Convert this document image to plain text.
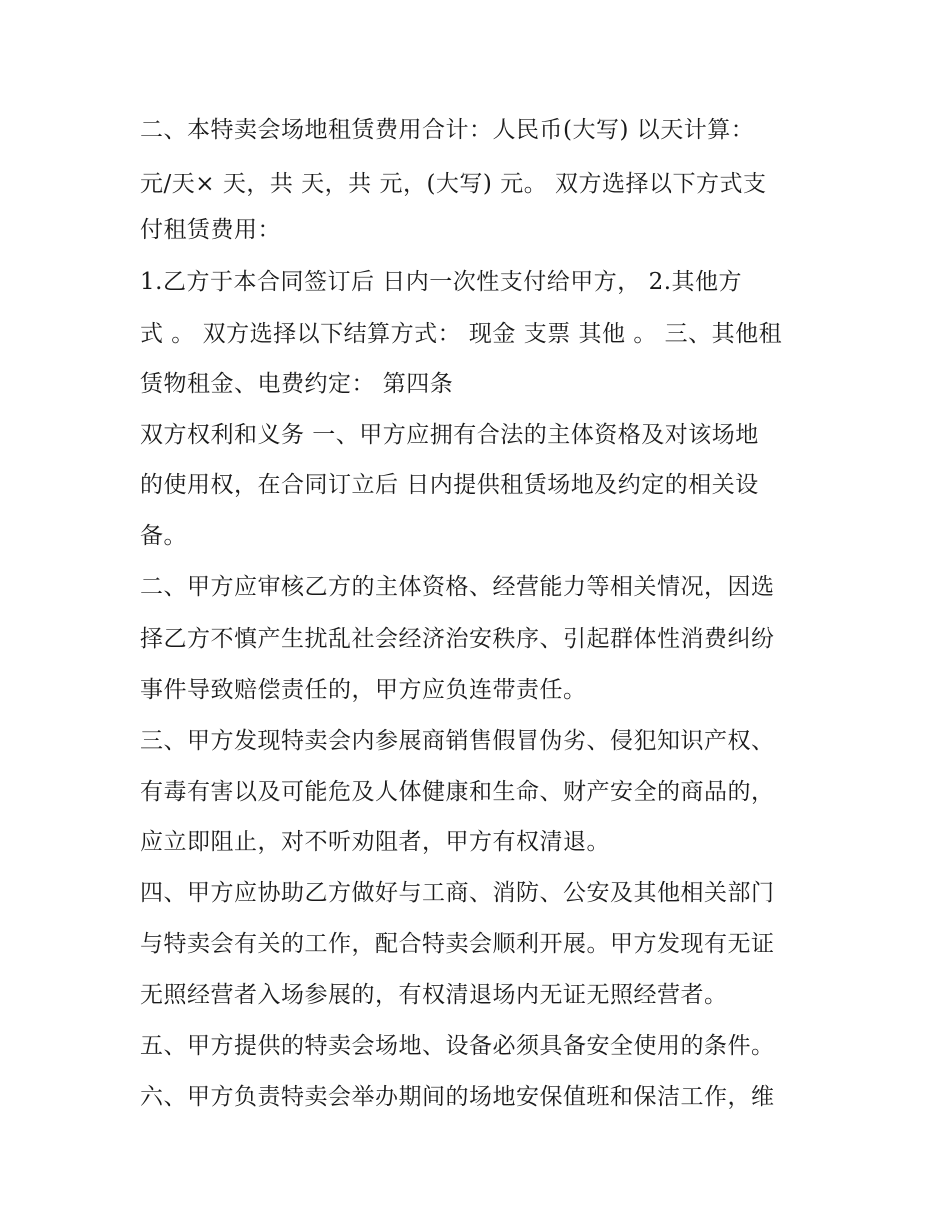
二、本特卖会场地租赁费用合计：人民币(大写) 以天计算：
元/天× 天，共 天，共 元，(大写) 元。 双方选择以下方式支
付租赁费用：
1.乙方于本合同签订后 日内一次性支付给甲方， 2.其他方
式 。 双方选择以下结算方式： 现金 支票 其他 。 三、其他租
赁物租金、电费约定： 第四条
双方权利和义务 一、甲方应拥有合法的主体资格及对该场地
的使用权，在合同订立后 日内提供租赁场地及约定的相关设
备。
二、甲方应审核乙方的主体资格、经营能力等相关情况，因选
择乙方不慎产生扰乱社会经济治安秩序、引起群体性消费纠纷
事件导致赔偿责任的，甲方应负连带责任。
三、甲方发现特卖会内参展商销售假冒伪劣、侵犯知识产权、
有毒有害以及可能危及人体健康和生命、财产安全的商品的，
应立即阻止，对不听劝阻者，甲方有权清退。
四、甲方应协助乙方做好与工商、消防、公安及其他相关部门
与特卖会有关的工作，配合特卖会顺利开展。甲方发现有无证
无照经营者入场参展的，有权清退场内无证无照经营者。
五、甲方提供的特卖会场地、设备必须具备安全使用的条件。
六、甲方负责特卖会举办期间的场地安保值班和保洁工作，维
